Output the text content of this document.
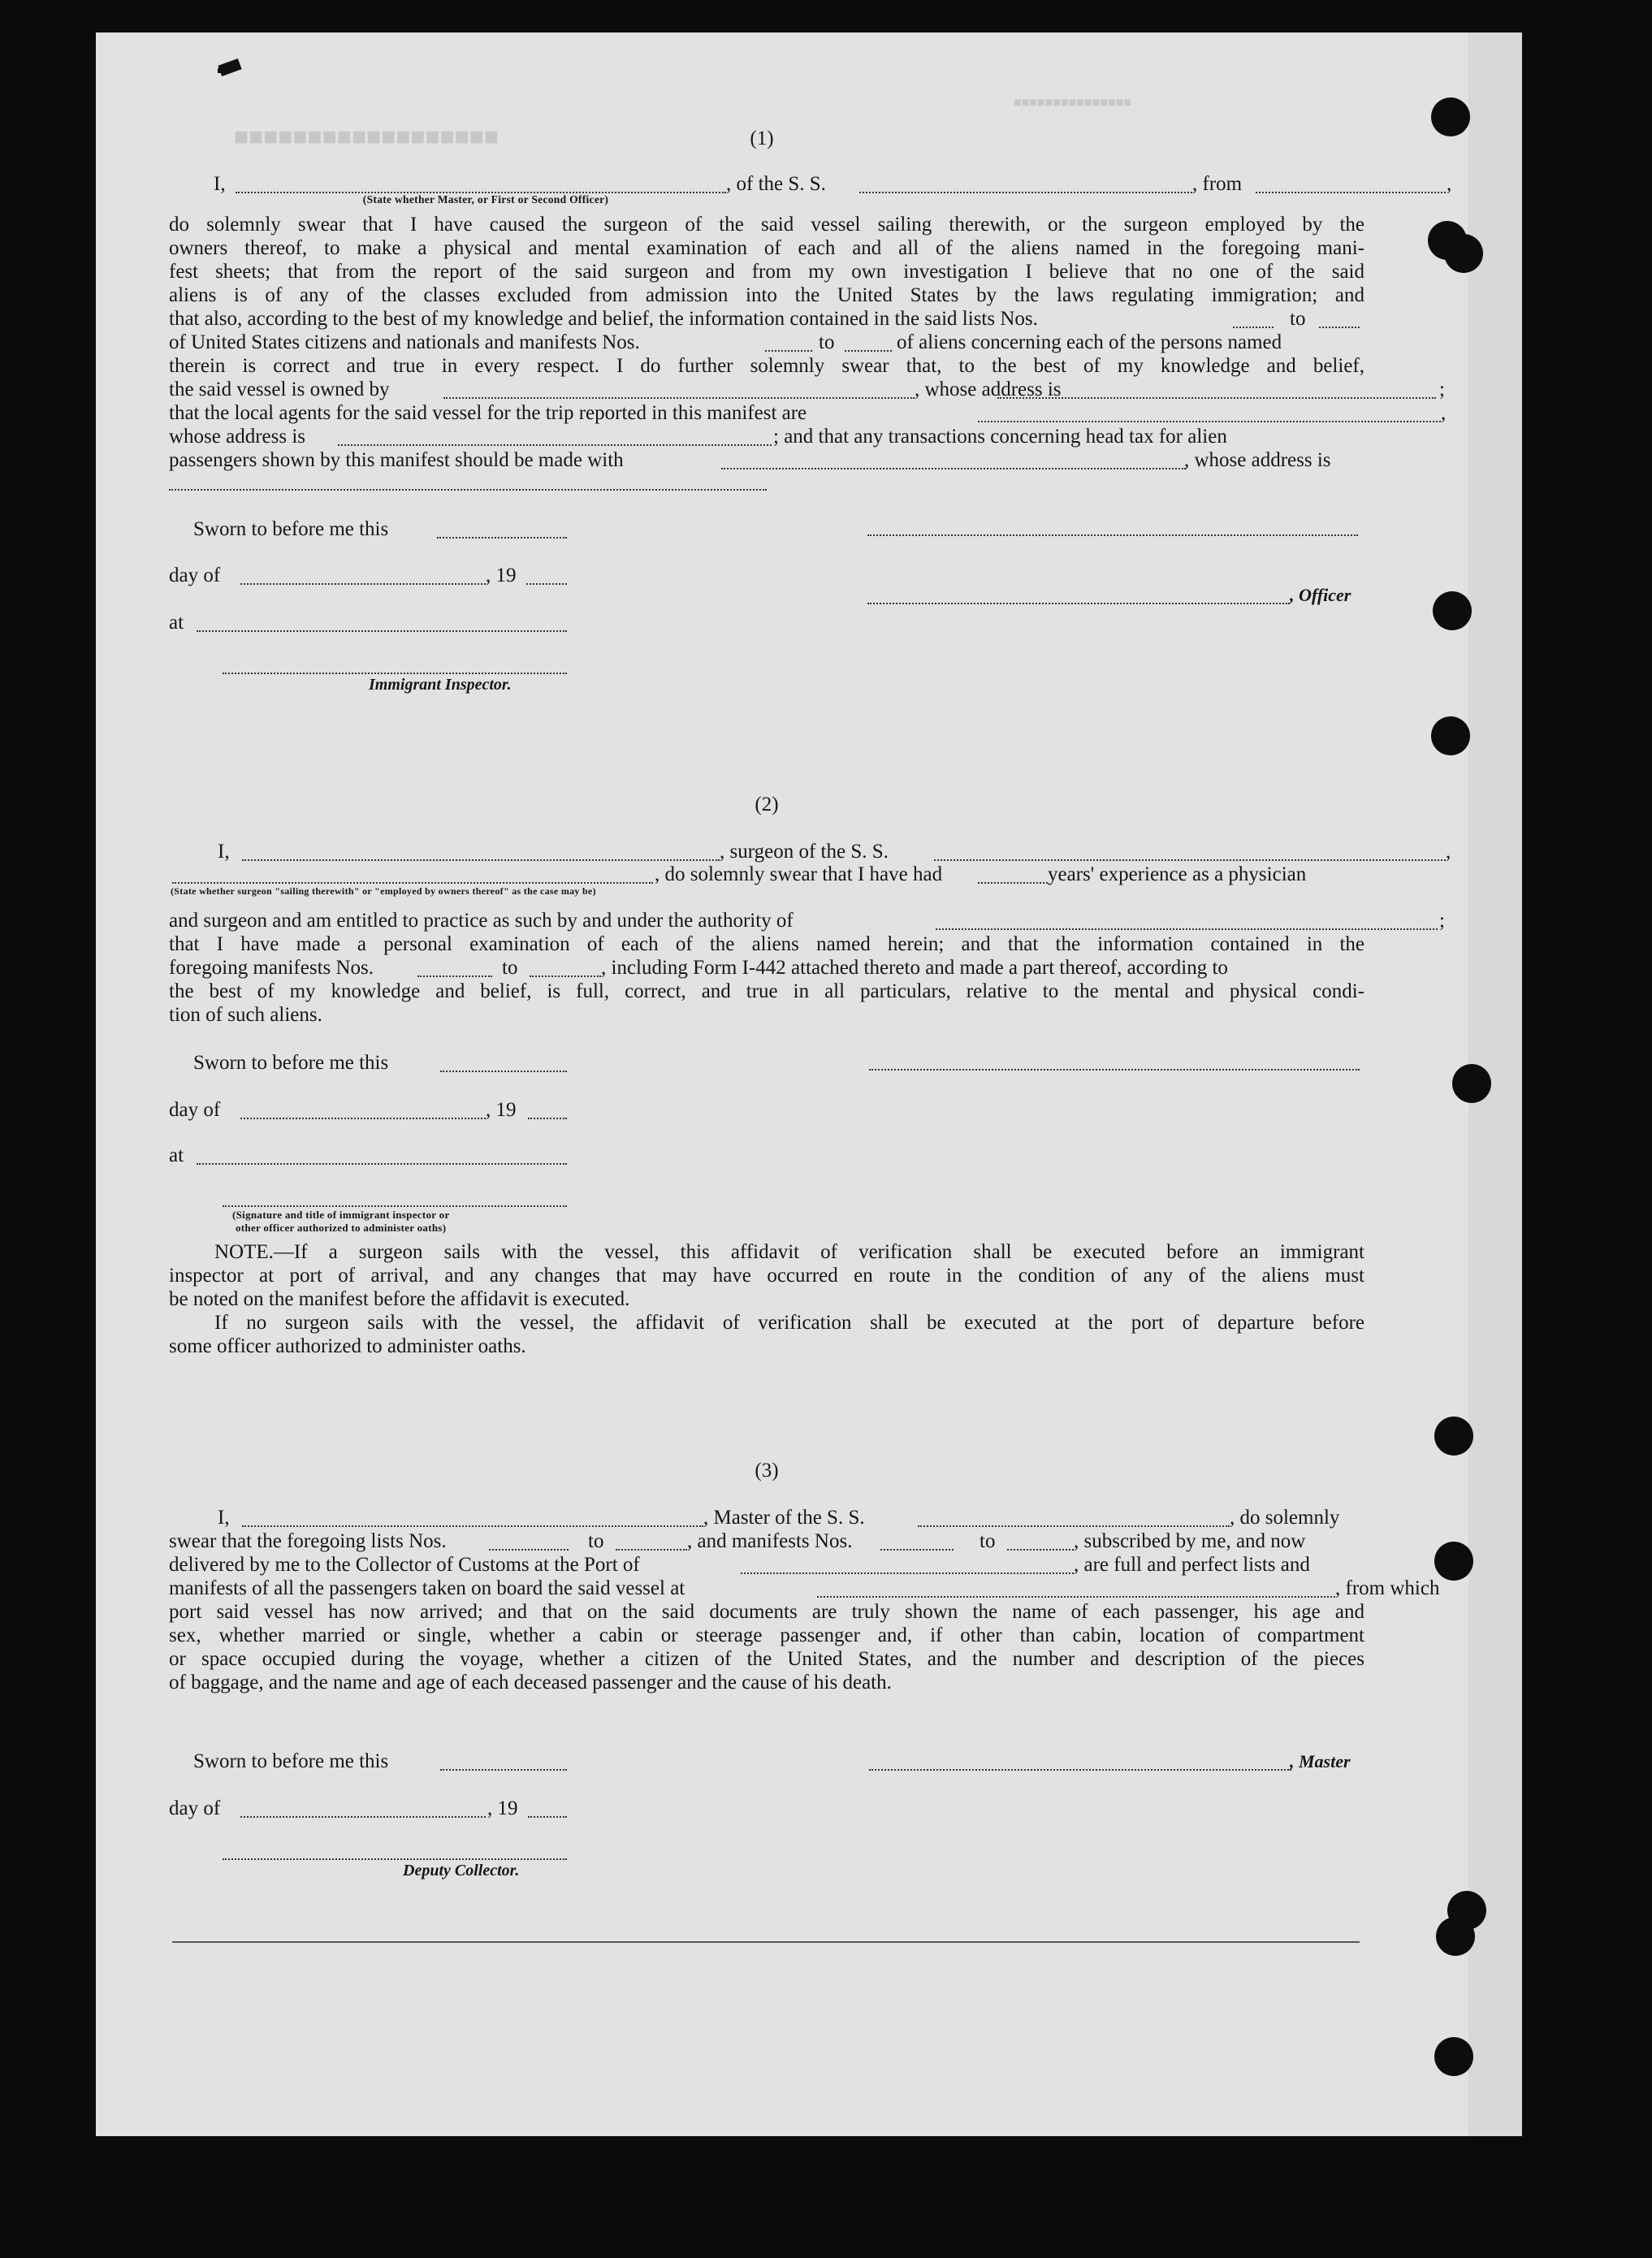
■■■■■■■■■■■■■■■■■■
■■■■■■■■■■■■■■■
(1)
I,	, of the S. S.	, from	,
(State whether Master, or First or Second Officer)
do solemnly swear that I have caused the surgeon of the said vessel sailing therewith, or the surgeon employed by the
owners thereof, to make a physical and mental examination of each and all of the aliens named in the foregoing mani-
fest sheets; that from the report of the said surgeon and from my own investigation I believe that no one of the said
aliens is of any of the classes excluded from admission into the United States by the laws regulating immigration; and
that also, according to the best of my knowledge and belief, the information contained in the said lists Nos.	to
of United States citizens and nationals and manifests Nos.	to	of aliens concerning each of the persons named
therein is correct and true in every respect. I do further solemnly swear that, to the best of my knowledge and belief,
the said vessel is owned by	, whose address is	;
that the local agents for the said vessel for the trip reported in this manifest are	,
whose address is	; and that any transactions concerning head tax for alien
passengers shown by this manifest should be made with	, whose address is
Sworn to before me this
day of	, 19
, Officer
at
Immigrant Inspector.
(2)
I,	, surgeon of the S. S.	,
, do solemnly swear that I have had	years' experience as a physician
(State whether surgeon "sailing therewith" or "employed by owners thereof" as the case may be)
and surgeon and am entitled to practice as such by and under the authority of	;
that I have made a personal examination of each of the aliens named herein; and that the information contained in the
foregoing manifests Nos.	to	, including Form I-442 attached thereto and made a part thereof, according to
the best of my knowledge and belief, is full, correct, and true in all particulars, relative to the mental and physical condi-
tion of such aliens.
Sworn to before me this
day of	, 19
at
(Signature and title of immigrant inspector or
other officer authorized to administer oaths)
NOTE.—If a surgeon sails with the vessel, this affidavit of verification shall be executed before an immigrant
inspector at port of arrival, and any changes that may have occurred en route in the condition of any of the aliens must
be noted on the manifest before the affidavit is executed.
If no surgeon sails with the vessel, the affidavit of verification shall be executed at the port of departure before
some officer authorized to administer oaths.
(3)
I,	, Master of the S. S.	, do solemnly
swear that the foregoing lists Nos.	to	, and manifests Nos.	to	, subscribed by me, and now
delivered by me to the Collector of Customs at the Port of	, are full and perfect lists and
manifests of all the passengers taken on board the said vessel at	, from which
port said vessel has now arrived; and that on the said documents are truly shown the name of each passenger, his age and
sex, whether married or single, whether a cabin or steerage passenger and, if other than cabin, location of compartment
or space occupied during the voyage, whether a citizen of the United States, and the number and description of the pieces
of baggage, and the name and age of each deceased passenger and the cause of his death.
Sworn to before me this	, Master
day of	, 19
Deputy Collector.
